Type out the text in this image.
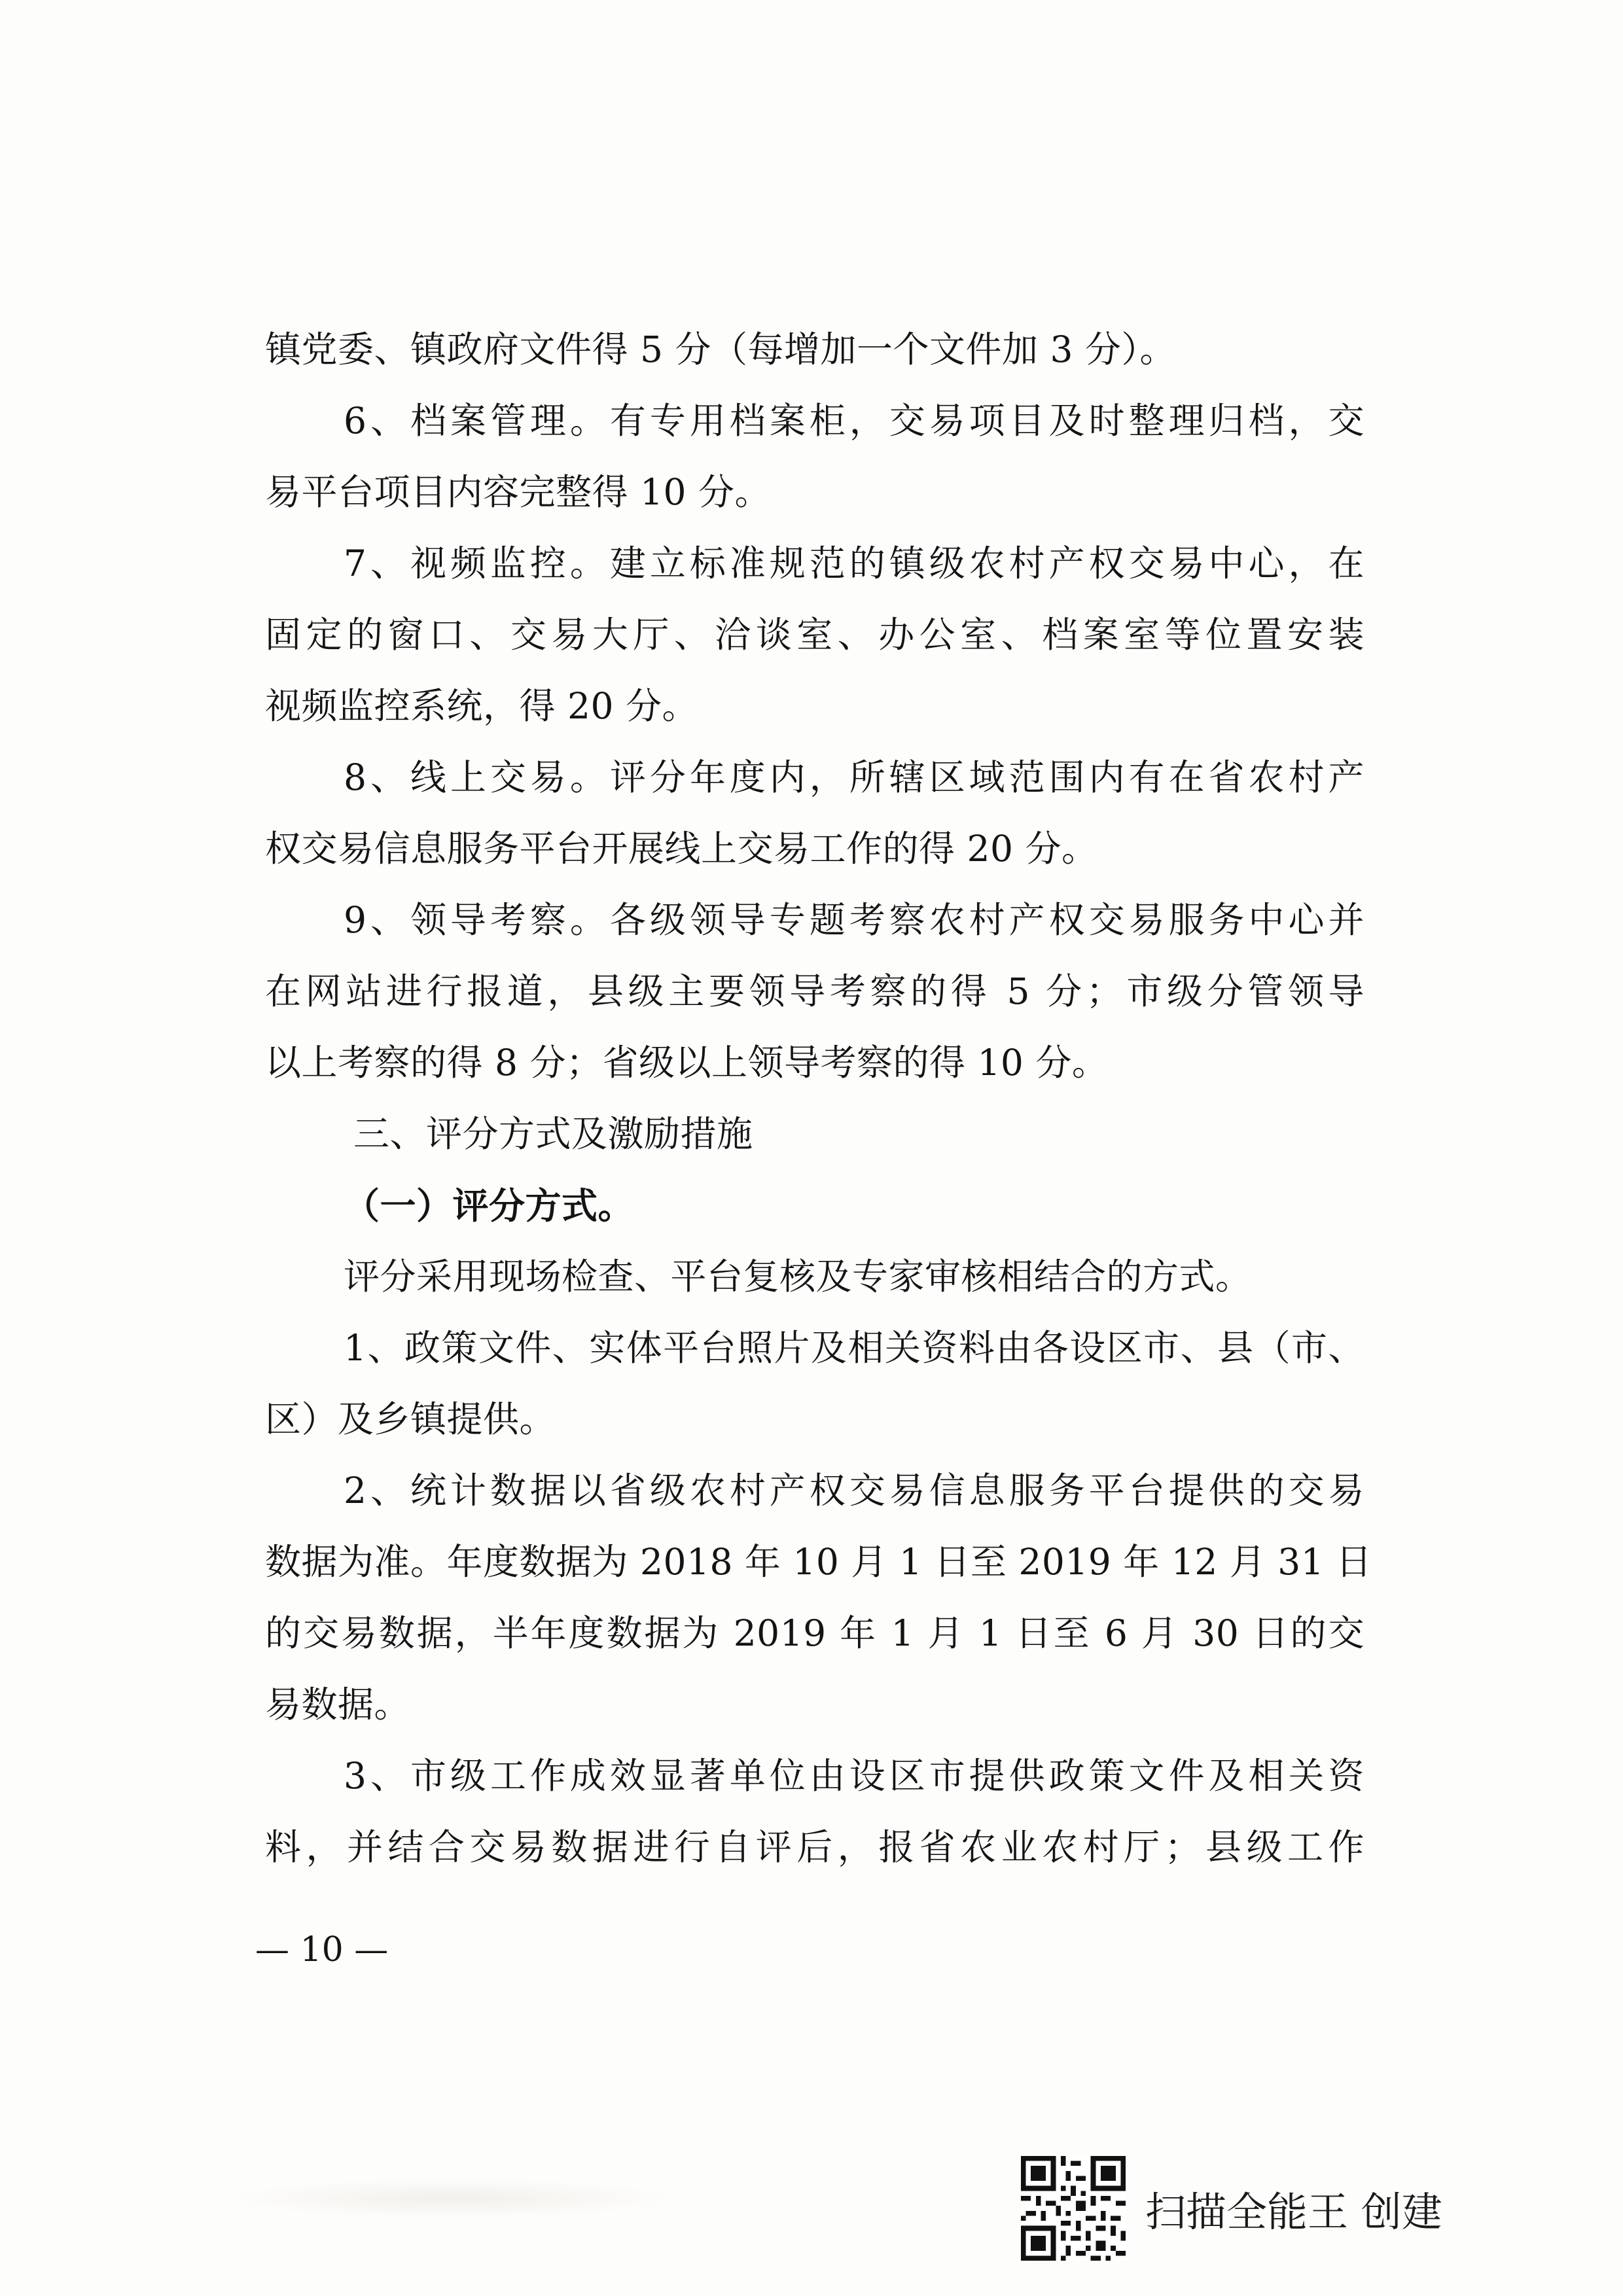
镇党委、镇政府文件得 5 分（每增加一个文件加 3 分）。
6、档案管理。有专用档案柜，交易项目及时整理归档，交
易平台项目内容完整得 10 分。
7、视频监控。建立标准规范的镇级农村产权交易中心，在
固定的窗口、交易大厅、洽谈室、办公室、档案室等位置安装
视频监控系统，得 20 分。
8、线上交易。评分年度内，所辖区域范围内有在省农村产
权交易信息服务平台开展线上交易工作的得 20 分。
9、领导考察。各级领导专题考察农村产权交易服务中心并
在网站进行报道，县级主要领导考察的得 5 分；市级分管领导
以上考察的得 8 分；省级以上领导考察的得 10 分。
三、评分方式及激励措施
（一）评分方式。
评分采用现场检查、平台复核及专家审核相结合的方式。
1、政策文件、实体平台照片及相关资料由各设区市、县（市、
区）及乡镇提供。
2、统计数据以省级农村产权交易信息服务平台提供的交易
数据为准。年度数据为 2018 年 10 月 1 日至 2019 年 12 月 31 日
的交易数据，半年度数据为 2019 年 1 月 1 日至 6 月 30 日的交
易数据。
3、市级工作成效显著单位由设区市提供政策文件及相关资
料，并结合交易数据进行自评后，报省农业农村厅；县级工作
— 10 —
扫描全能王 创建
